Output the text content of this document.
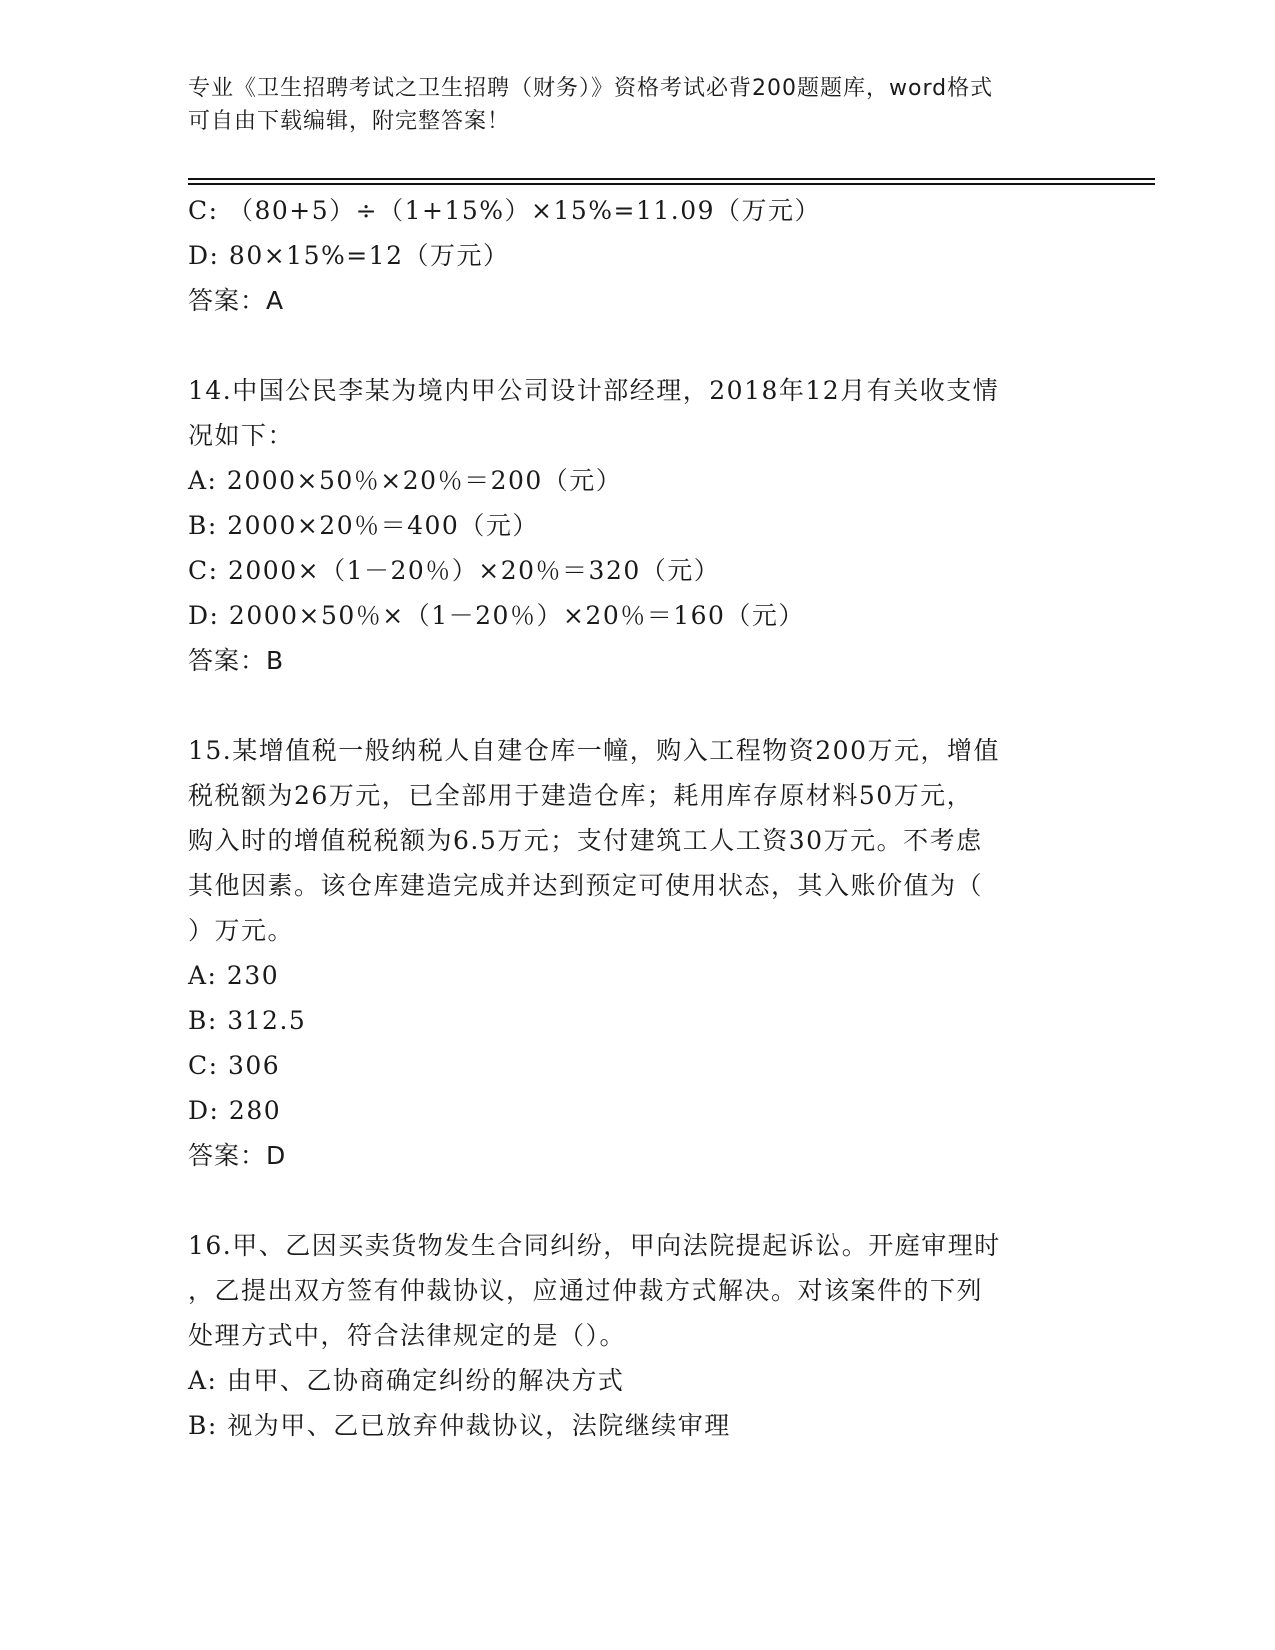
专业《卫生招聘考试之卫生招聘（财务）》资格考试必背200题题库，word格式
可自由下载编辑，附完整答案！
C: （80+5）÷（1+15%）×15%=11.09（万元）
D: 80×15%=12（万元）
答案：A
14.中国公民李某为境内甲公司设计部经理，2018年12月有关收支情
况如下：
A: 2000×50％×20％＝200（元）
B: 2000×20％＝400（元）
C: 2000×（1－20％）×20％＝320（元）
D: 2000×50％×（1－20％）×20％＝160（元）
答案：B
15.某增值税一般纳税人自建仓库一幢，购入工程物资200万元，增值
税税额为26万元，已全部用于建造仓库；耗用库存原材料50万元，
购入时的增值税税额为6.5万元；支付建筑工人工资30万元。不考虑
其他因素。该仓库建造完成并达到预定可使用状态，其入账价值为（
）万元。
A: 230
B: 312.5
C: 306
D: 280
答案：D
16.甲、乙因买卖货物发生合同纠纷，甲向法院提起诉讼。开庭审理时
，乙提出双方签有仲裁协议，应通过仲裁方式解决。对该案件的下列
处理方式中，符合法律规定的是（）。
A: 由甲、乙协商确定纠纷的解决方式
B: 视为甲、乙已放弃仲裁协议，法院继续审理
